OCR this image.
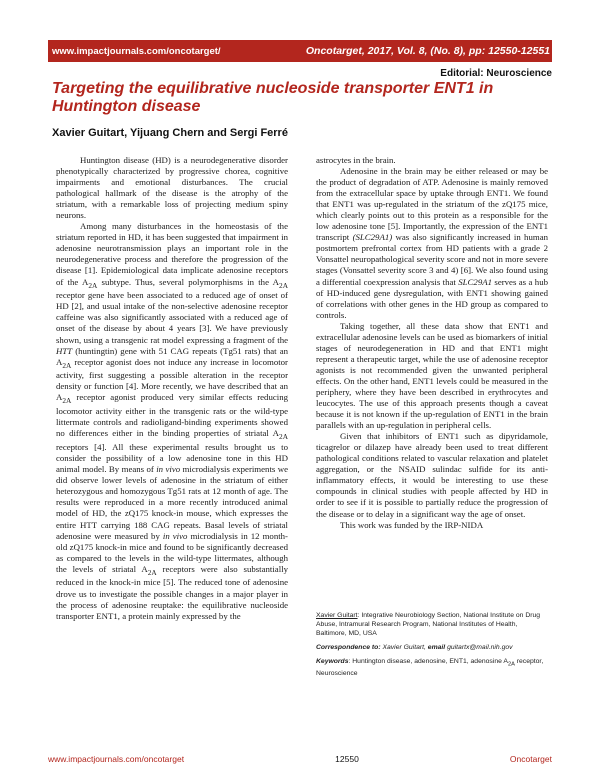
www.impactjournals.com/oncotarget/	Oncotarget, 2017, Vol. 8, (No. 8), pp: 12550-12551
Editorial: Neuroscience
Targeting the equilibrative nucleoside transporter ENT1 in Huntington disease
Xavier Guitart, Yijuang Chern and Sergi Ferré

Huntington disease (HD) is a neurodegenerative disorder phenotypically characterized by progressive chorea, cognitive impairments and emotional disturbances. The crucial pathological hallmark of the disease is the atrophy of the striatum, with a remarkable loss of projecting medium spiny neurons.

Among many disturbances in the homeostasis of the striatum reported in HD, it has been suggested that impairment in adenosine neurotransmission plays an important role in the neurodegenerative process and therefore the progression of the disease [1]. Epidemiological data implicate adenosine receptors of the $A_{2A}$ subtype. Thus, several polymorphisms in the $A_{2A}$ receptor gene have been associated to a reduced age of onset of HD [2], and usual intake of the non-selective adenosine receptor caffeine was also significantly associated with a reduced age of onset of the disease by about 4 years [3]. We have previously shown, using a transgenic rat model expressing a fragment of the HTT (huntingtin) gene with 51 CAG repeats (Tg51 rats) that an $A_{2A}$ receptor agonist does not induce any increase in locomotor activity, first suggesting a possible alteration in the receptor density or function [4]. More recently, we have described that an $A_{2A}$ receptor agonist produced very similar effects reducing locomotor activity either in the transgenic rats or the wild-type littermate controls and radioligand-binding experiments showed no differences either in the binding properties of striatal $A_{2A}$ receptors [4]. All these experimental results brought us to consider the possibility of a low adenosine tone in this HD animal model. By means of in vivo microdialysis experiments we did observe lower levels of adenosine in the striatum of either heterozygous and homozygous Tg51 rats at 12 month of age. The results were reproduced in a more recently introduced animal model of HD, the zQ175 knock-in mouse, which expresses the entire HTT carrying 188 CAG repeats. Basal levels of striatal adenosine were measured by in vivo microdialysis in 12 month-old zQ175 knock-in mice and found to be significantly decreased as compared to the levels in the wild-type littermates, although the levels of striatal $A_{2A}$ receptors were also substantially reduced in the knock-in mice [5]. The reduced tone of adenosine drove us to investigate the possible changes in a major player in the process of adenosine reuptake: the equilibrative nucleoside transporter ENT1, a protein mainly expressed by the

astrocytes in the brain.

Adenosine in the brain may be either released or may be the product of degradation of ATP. Adenosine is mainly removed from the extracellular space by uptake through ENT1. We found that ENT1 was up-regulated in the striatum of the zQ175 mice, which clearly points out to this protein as a responsible for the low adenosine tone [5]. Importantly, the expression of the ENT1 transcript (SLC29A1) was also significantly increased in human postmortem prefrontal cortex from HD patients with a grade 2 Vonsattel neuropathological severity score and not in more severe stages (Vonsattel severity score 3 and 4) [6]. We also found using a differential coexpression analysis that SLC29A1 serves as a hub of HD-induced gene dysregulation, with ENT1 showing gained of correlations with other genes in the HD group as compared to controls.

Taking together, all these data show that ENT1 and extracellular adenosine levels can be used as biomarkers of initial stages of neurodegeneration in HD and that ENT1 might represent a therapeutic target, while the use of adenosine receptor agonists is not recommended given the unwanted peripheral effects. On the other hand, ENT1 levels could be measured in the periphery, where they have been described in erythrocytes and leucocytes. The use of this approach presents though a caveat because it is not known if the up-regulation of ENT1 in the brain parallels with an up-regulation in peripheral cells.

Given that inhibitors of ENT1 such as dipyridamole, ticagrelor or dilazep have already been used to treat different pathological conditions related to vascular relaxation and platelet aggregation, or the NSAID sulindac sulfide for its anti-inflammatory effects, it would be interesting to use these compounds in clinical studies with people affected by HD in order to see if it is possible to partially reduce the progression of the disease or to delay in a significant way the age of onset.

This work was funded by the IRP-NIDA

Xavier Guitart: Integrative Neurobiology Section, National Institute on Drug Abuse, Intramural Research Program, National Institutes of Health, Baltimore, MD, USA

Correspondence to: Xavier Guitart, email guitartx@mail.nih.gov

Keywords: Huntington disease, adenosine, ENT1, adenosine $A_{2A}$ receptor, Neuroscience

www.impactjournals.com/oncotarget	12550	Oncotarget
